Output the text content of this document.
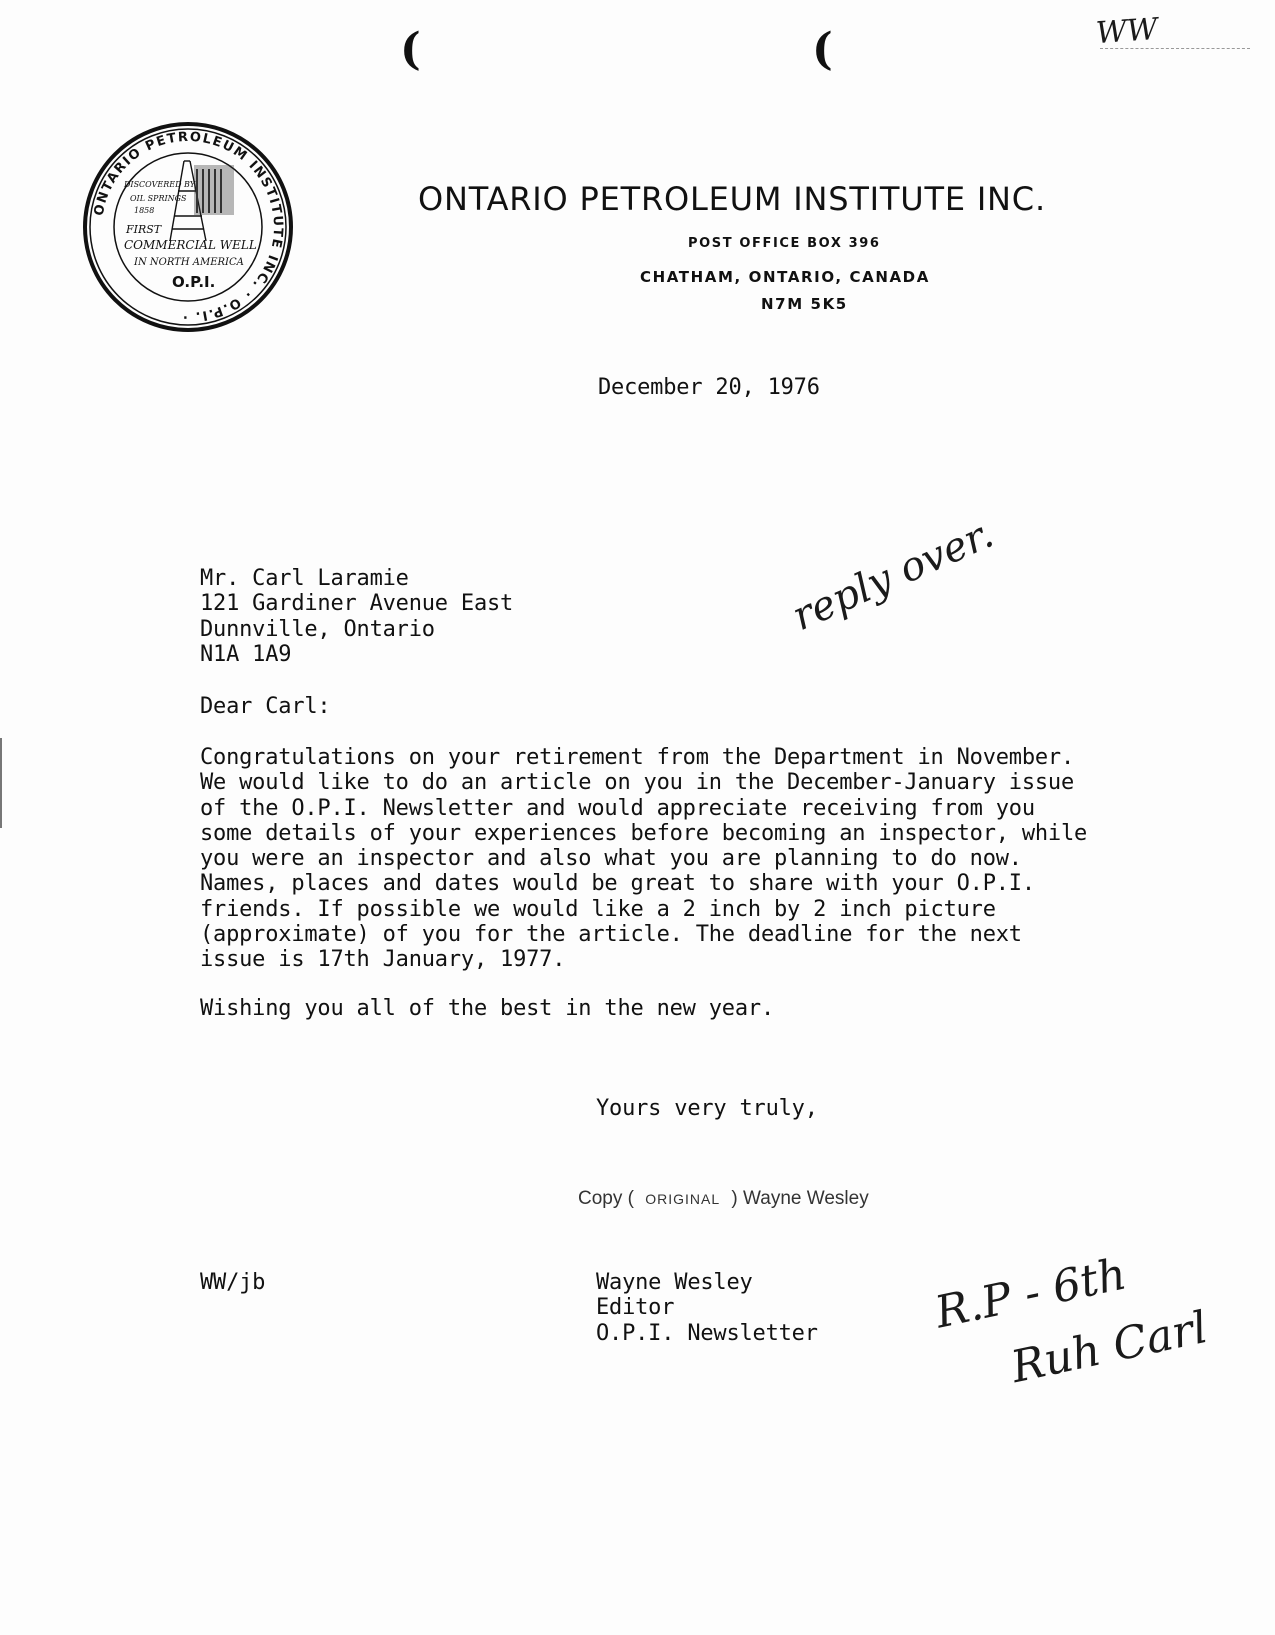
(	(	WW
ONTARIO PETROLEUM INSTITUTE INC. · O.P.I. ·
DISCOVERED BY
OIL SPRINGS
1858
FIRST
COMMERCIAL WELL
IN NORTH AMERICA
O.P.I.
ONTARIO PETROLEUM INSTITUTE INC.
POST OFFICE BOX 396
CHATHAM, ONTARIO, CANADA
N7M 5K5
December 20, 1976
Mr. Carl Laramie
121 Gardiner Avenue East
Dunnville, Ontario
N1A 1A9
reply over.
Dear Carl:
Congratulations on your retirement from the Department in November.
We would like to do an article on you in the December-January issue
of the O.P.I. Newsletter and would appreciate receiving from you
some details of your experiences before becoming an inspector, while
you were an inspector and also what you are planning to do now.
Names, places and dates would be great to share with your O.P.I.
friends. If possible we would like a 2 inch by 2 inch picture
(approximate) of you for the article. The deadline for the next
issue is 17th January, 1977.
Wishing you all of the best in the new year.
Yours very truly,
Copy ( ORIGINAL ) Wayne Wesley
WW/jb	Wayne Wesley
Editor
O.P.I. Newsletter	R.P - 6th
Ruh Carl
